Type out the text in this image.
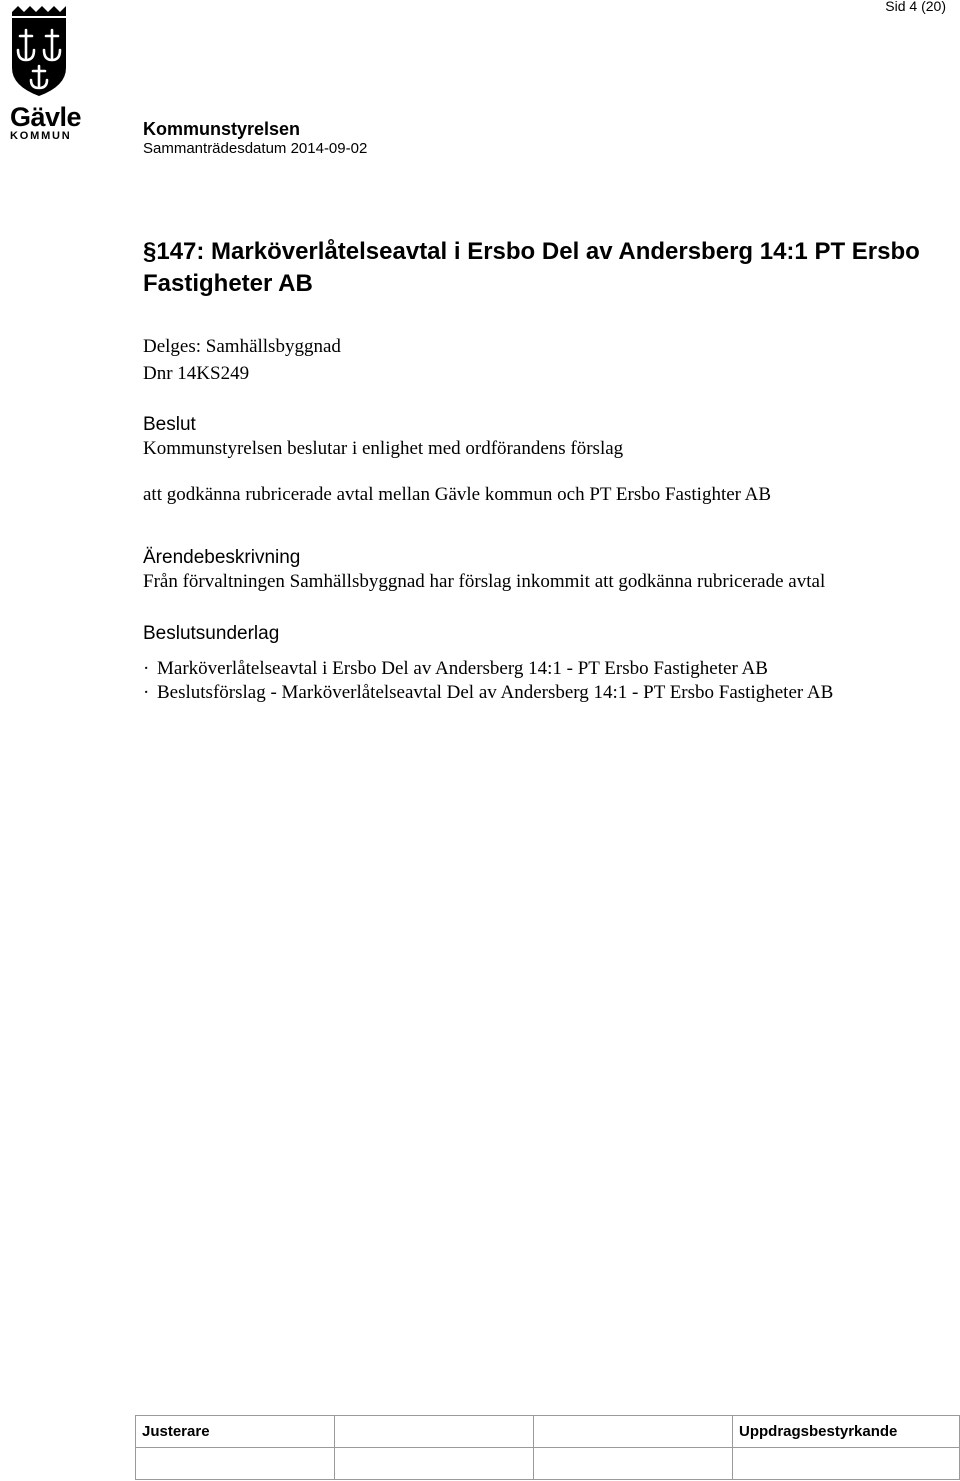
Sid 4 (20)
Gävle
KOMMUN	Kommunstyrelsen
Sammanträdesdatum 2014-09-02
§147: Marköverlåtelseavtal i Ersbo Del av Andersberg 14:1 PT Ersbo Fastigheter AB
Delges: Samhällsbyggnad
Dnr 14KS249
Beslut
Kommunstyrelsen beslutar i enlighet med ordförandens förslag
att godkänna rubricerade avtal mellan Gävle kommun och PT Ersbo Fastighter AB
Ärendebeskrivning
Från förvaltningen Samhällsbyggnad har förslag inkommit att godkänna rubricerade avtal
Beslutsunderlag
· Marköverlåtelseavtal i Ersbo Del av Andersberg 14:1 - PT Ersbo Fastigheter AB
· Beslutsförslag - Marköverlåtelseavtal Del av Andersberg 14:1 - PT Ersbo Fastigheter AB
Justerare			Uppdragsbestyrkande
